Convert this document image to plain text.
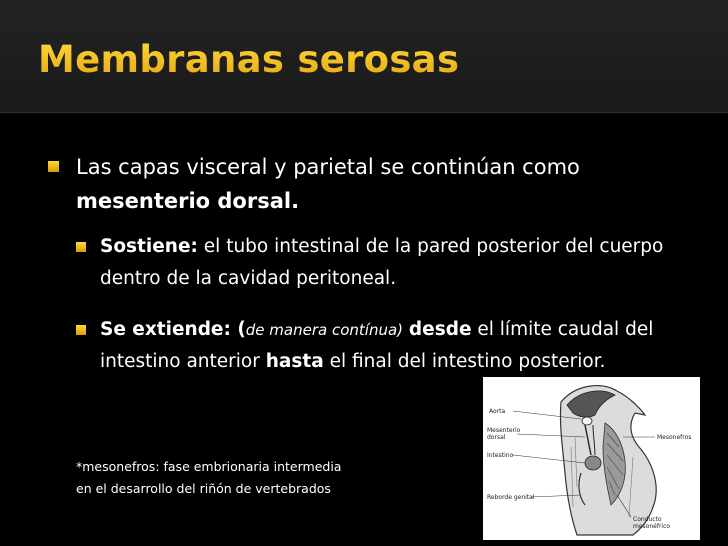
Membranas serosas
Las capas visceral y parietal se continúan como mesenterio dorsal.
Sostiene: el tubo intestinal de la pared posterior del cuerpo dentro de la cavidad peritoneal.
Se extiende: (de manera contínua) desde el límite caudal del intestino anterior hasta el final del intestino posterior.
*mesonefros: fase embrionaria intermedia
en el desarrollo del riñón de vertebrados
Aorta
Mesenterio
dorsal
Intestino
Reborde genital
Mesonefros
Conducto
mesonéfrico
